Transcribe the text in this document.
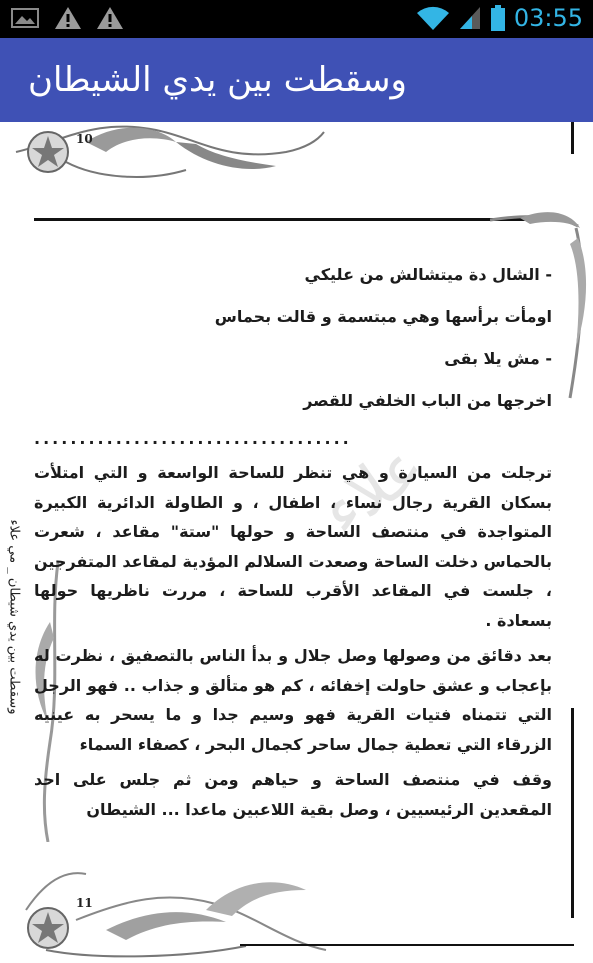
03:55
وسقطت بين يدي الشيطان
10
11
علاء
وسقطت بين يدي شيطان _ مي علاء

- الشال دة ميتشالش من عليكي

اومأت برأسها وهي مبتسمة و قالت بحماس

- مش يلا بقى

اخرجها من الباب الخلفي للقصر

...................................

ترجلت من السيارة و هي تنظر للساحة الواسعة و التي امتلأت بسكان القرية رجال نساء ، اطفال ، و الطاولة الدائرية الكبيرة المتواجدة في منتصف الساحة و حولها "ستة" مقاعد ، شعرت بالحماس دخلت الساحة وصعدت السلالم المؤدية لمقاعد المتفرجين ، جلست في المقاعد الأقرب للساحة ، مررت ناظريها حولها بسعادة .

بعد دقائق من وصولها وصل جلال و بدأ الناس بالتصفيق ، نظرت له بإعجاب و عشق حاولت إخفائه ، كم هو متألق و جذاب .. فهو الرجل التي تتمناه فتيات القرية فهو وسيم جدا و ما يسحر به عينيه الزرقاء التي تعطية جمال ساحر كجمال البحر ، كصفاء السماء

وقف في منتصف الساحة و حياهم ومن ثم جلس على احد المقعدين الرئيسيين ، وصل بقية اللاعبين ماعدا ... الشيطان
